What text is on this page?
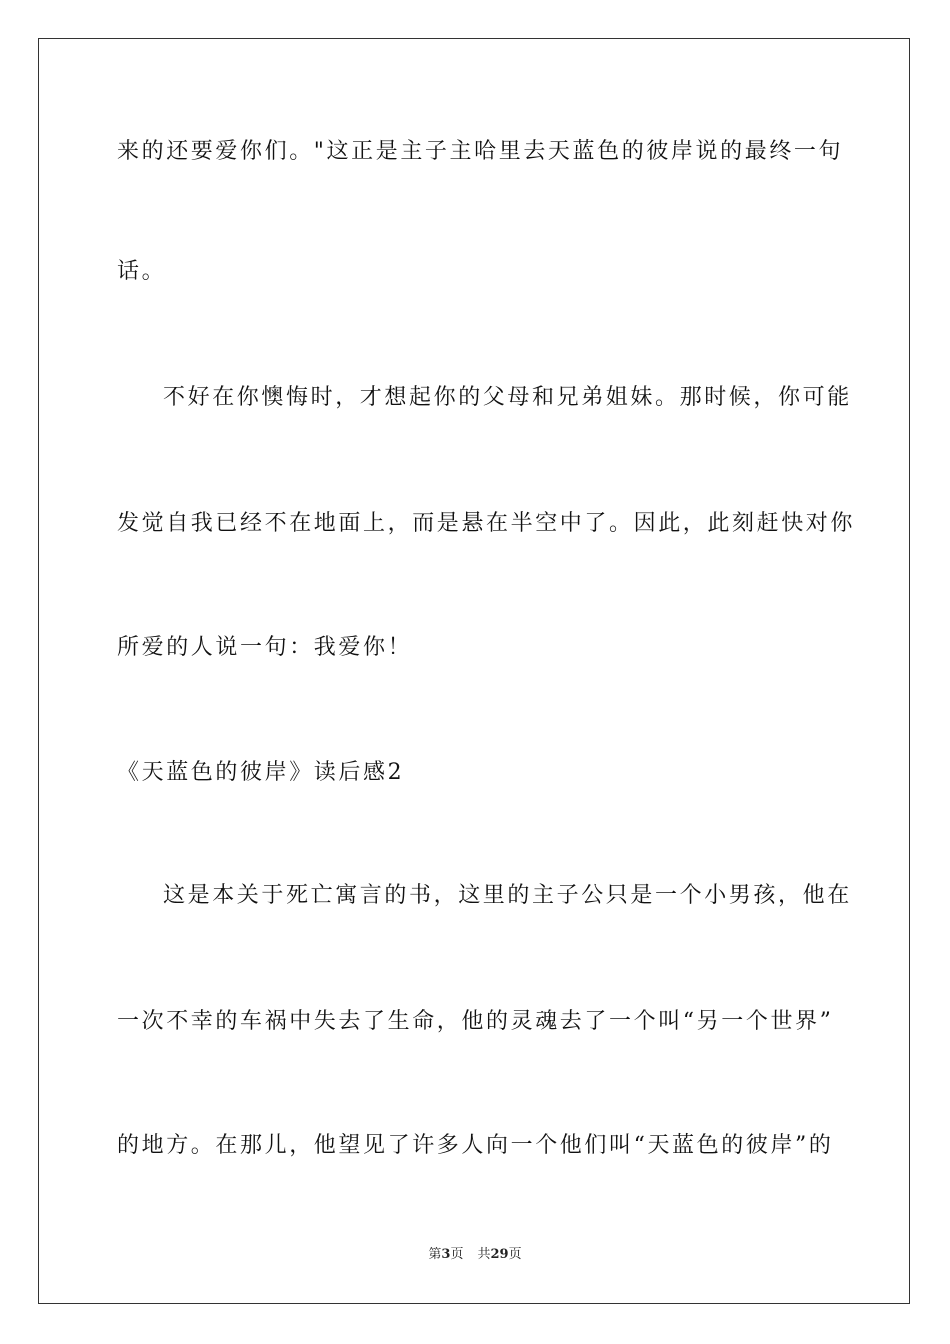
来的还要爱你们。"这正是主子主哈里去天蓝色的彼岸说的最终一句
话。
不好在你懊悔时，才想起你的父母和兄弟姐妹。那时候，你可能
发觉自我已经不在地面上，而是悬在半空中了。因此，此刻赶快对你
所爱的人说一句：我爱你！
《天蓝色的彼岸》读后感2
这是本关于死亡寓言的书，这里的主子公只是一个小男孩，他在
一次不幸的车祸中失去了生命，他的灵魂去了一个叫“另一个世界”
的地方。在那儿，他望见了许多人向一个他们叫“天蓝色的彼岸”的
第3页 共29页
